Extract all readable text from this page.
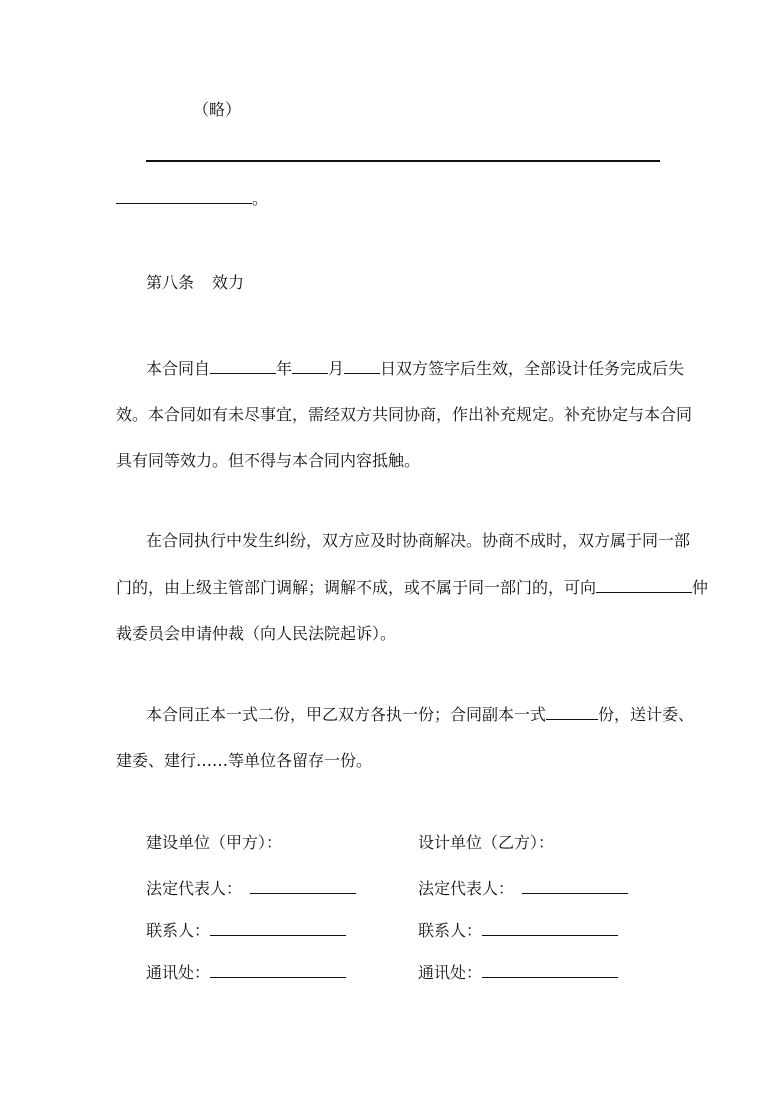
（略）
。
第八条 效力
本合同自	年 月 日双方签字后生效，全部设计任务完成后失
效。本合同如有未尽事宜，需经双方共同协商，作出补充规定。补充协定与本合同
具有同等效力。但不得与本合同内容抵触。
在合同执行中发生纠纷，双方应及时协商解决。协商不成时，双方属于同一部
门的，由上级主管部门调解；调解不成，或不属于同一部门的，可向	仲
裁委员会申请仲裁（向人民法院起诉）。
本合同正本一式二份，甲乙双方各执一份；合同副本一式	份，送计委、
建委、建行……等单位各留存一份。
建设单位（甲方）：	设计单位（乙方）：
法定代表人：	法定代表人：
联系人：	联系人：
通讯处：	通讯处：
